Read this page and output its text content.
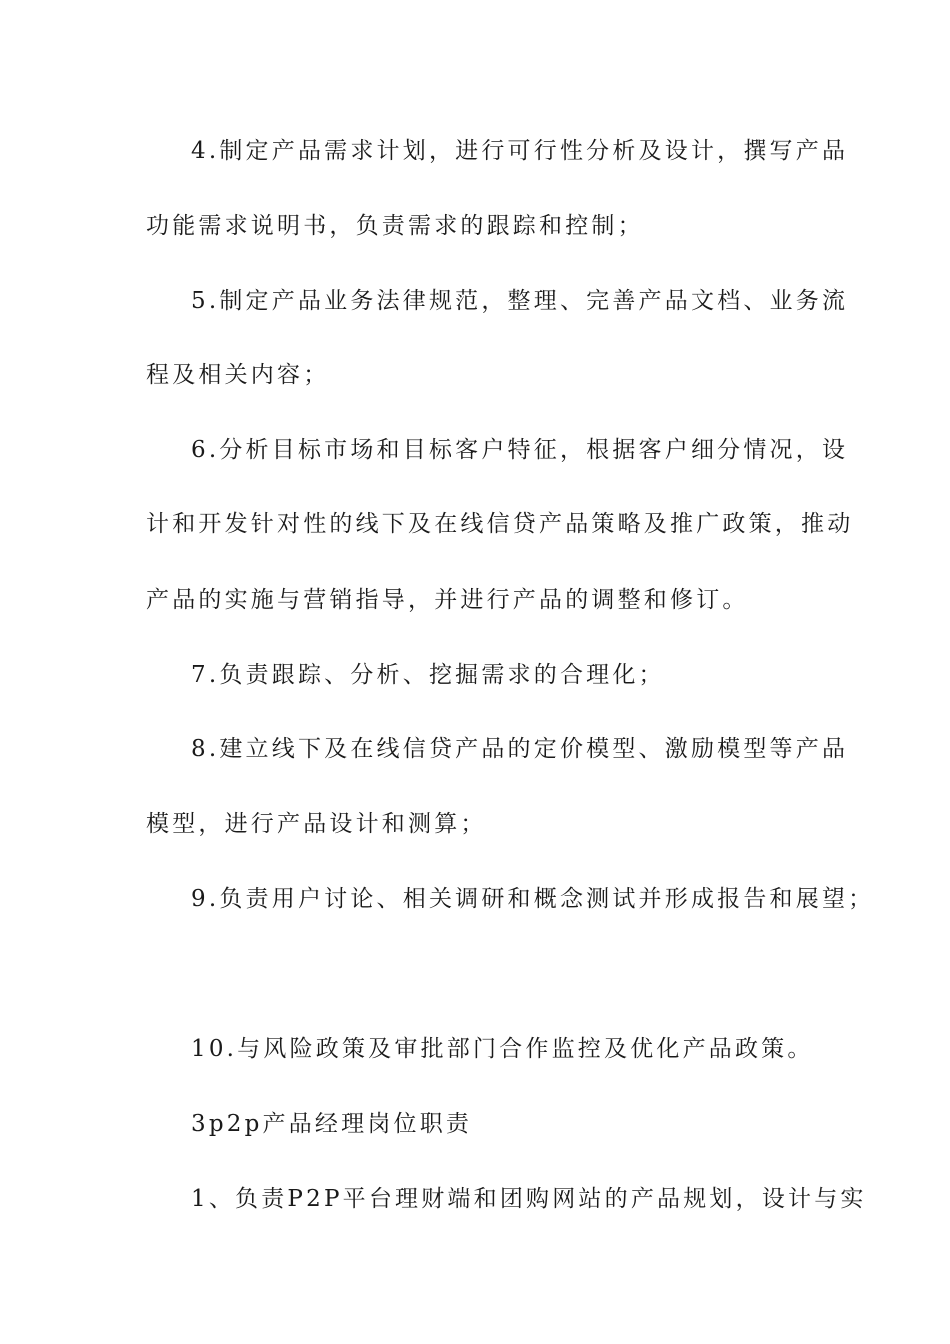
4.制定产品需求计划，进行可行性分析及设计，撰写产品

功能需求说明书，负责需求的跟踪和控制；

5.制定产品业务法律规范，整理、完善产品文档、业务流

程及相关内容；

6.分析目标市场和目标客户特征，根据客户细分情况，设

计和开发针对性的线下及在线信贷产品策略及推广政策，推动

产品的实施与营销指导，并进行产品的调整和修订。

7.负责跟踪、分析、挖掘需求的合理化；

8.建立线下及在线信贷产品的定价模型、激励模型等产品

模型，进行产品设计和测算；

9.负责用户讨论、相关调研和概念测试并形成报告和展望；

10.与风险政策及审批部门合作监控及优化产品政策。

3p2p产品经理岗位职责

1、负责P2P平台理财端和团购网站的产品规划，设计与实
